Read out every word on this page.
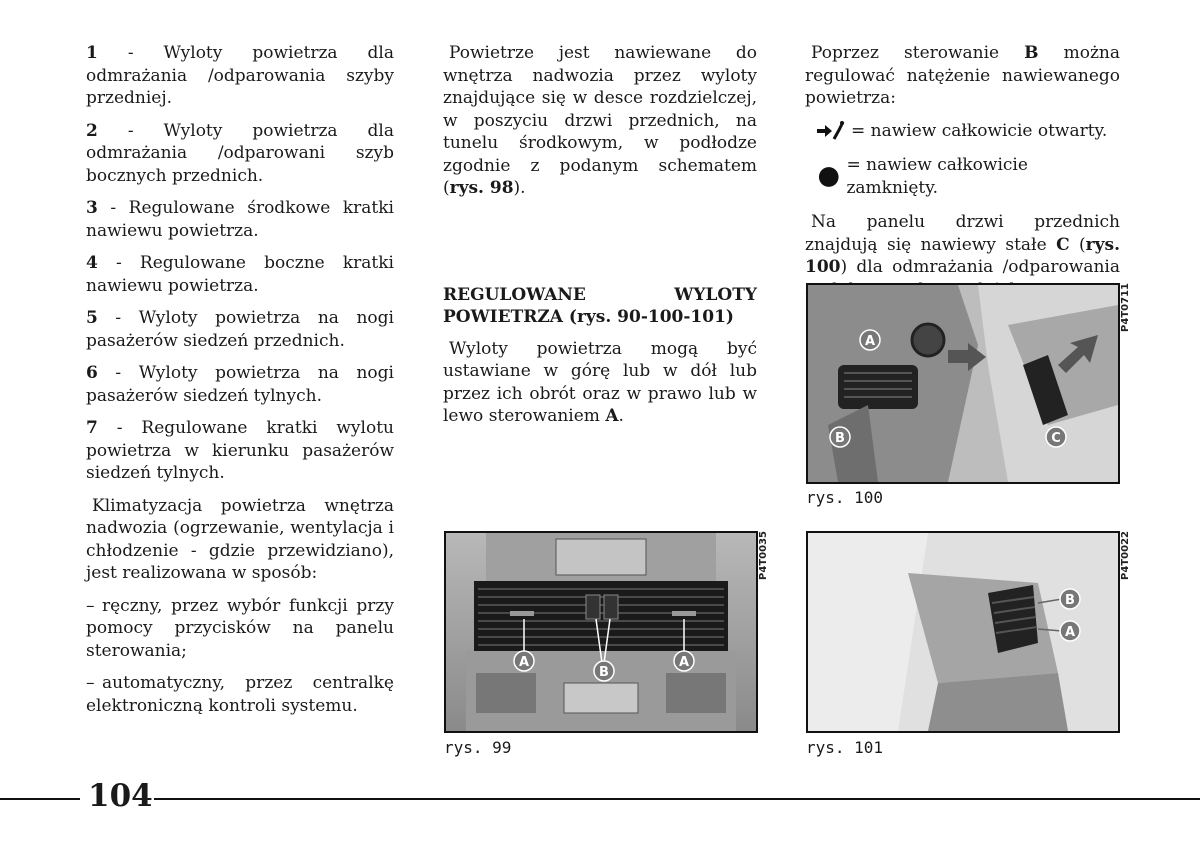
1 - Wyloty powietrza dla odmrażania /odparowania szyby przedniej.

2 - Wyloty powietrza dla odmrażania /odparowani szyb bocznych przednich.

3 - Regulowane środkowe kratki nawiewu powietrza.

4 - Regulowane boczne kratki nawiewu powietrza.

5 - Wyloty powietrza na nogi pasażerów siedzeń przednich.

6 - Wyloty powietrza na nogi pasażerów siedzeń tylnych.

7 - Regulowane kratki wylotu powietrza w kierunku pasażerów siedzeń tylnych.

Klimatyzacja powietrza wnętrza nadwozia (ogrzewanie, wentylacja i chłodzenie - gdzie przewidziano), jest realizowana w sposób:

– ręczny, przez wybór funkcji przy pomocy przycisków na panelu sterowania;

– automatyczny, przez centralkę elektroniczną kontroli systemu.

Powietrze jest nawiewane do wnętrza nadwozia przez wyloty znajdujące się w desce rozdzielczej, w poszyciu drzwi przednich, na tunelu środkowym, w podłodze zgodnie z podanym schematem (rys. 98).

REGULOWANE WYLOTY POWIETRZA (rys. 90-100-101)

Wyloty powietrza mogą być ustawiane w górę lub w dół lub przez ich obrót oraz w prawo lub w lewo sterowaniem A.

Poprzez sterowanie B można regulować natężenie nawiewanego powietrza:

= nawiew całkowicie otwarty.
= nawiew całkowicie zamknięty.

Na panelu drzwi przednich znajdują się nawiewy stałe C (rys. 100) dla odmrażania /odparowania

A
B
A
P4T0035
rys. 99
A
B	C
P4T0711
rys. 100
B
A
P4T0022
rys. 101
104
